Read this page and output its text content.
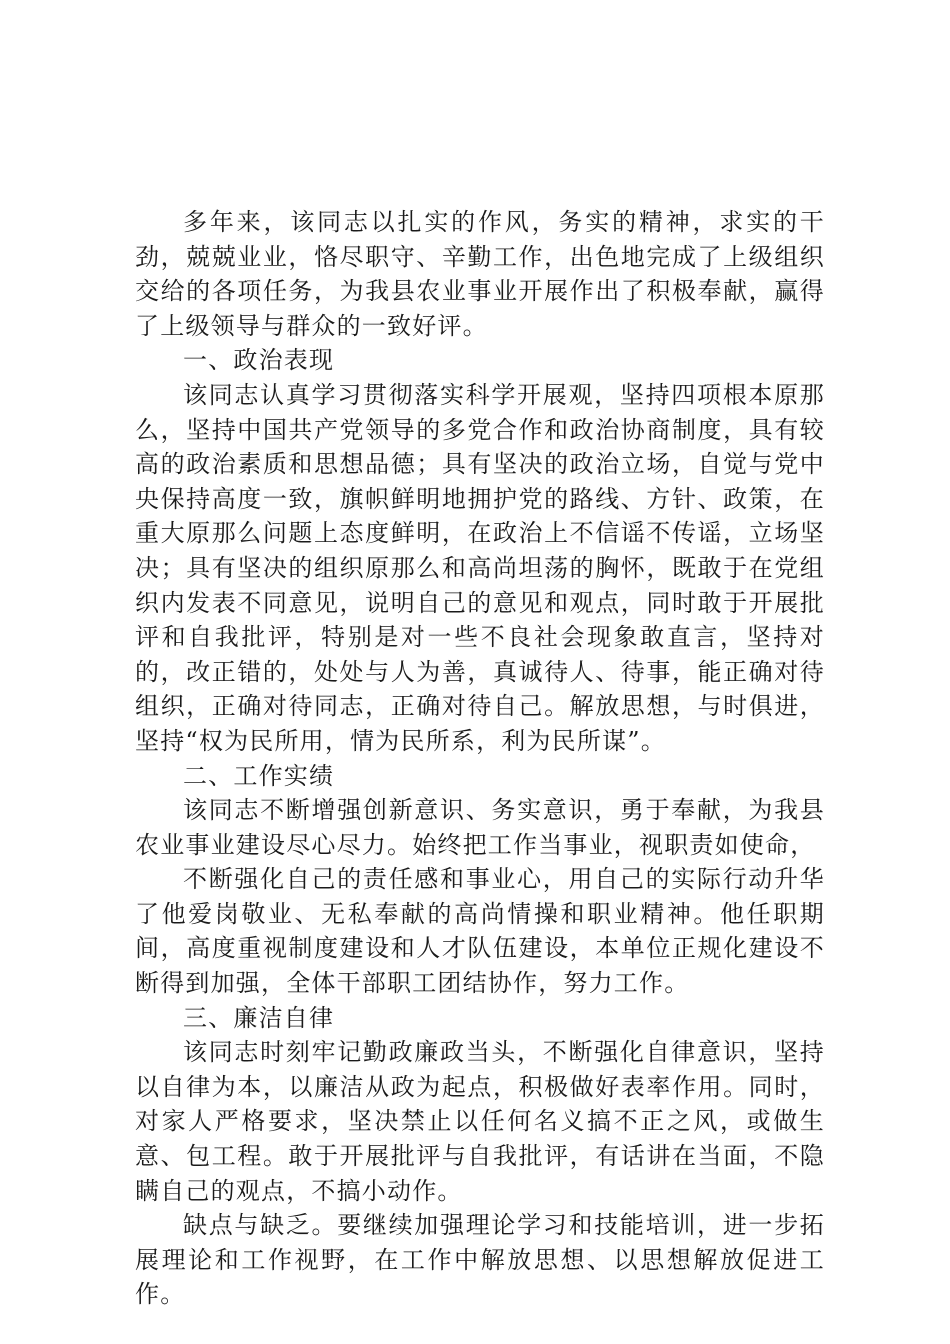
多年来，该同志以扎实的作风，务实的精神，求实的干劲，兢兢业业，恪尽职守、辛勤工作，出色地完成了上级组织交给的各项任务，为我县农业事业开展作出了积极奉献，赢得了上级领导与群众的一致好评。

一、政治表现

该同志认真学习贯彻落实科学开展观，坚持四项根本原那么，坚持中国共产党领导的多党合作和政治协商制度，具有较高的政治素质和思想品德；具有坚决的政治立场，自觉与党中央保持高度一致，旗帜鲜明地拥护党的路线、方针、政策，在重大原那么问题上态度鲜明，在政治上不信谣不传谣，立场坚决；具有坚决的组织原那么和高尚坦荡的胸怀，既敢于在党组织内发表不同意见，说明自己的意见和观点，同时敢于开展批评和自我批评，特别是对一些不良社会现象敢直言，坚持对的，改正错的，处处与人为善，真诚待人、待事，能正确对待组织，正确对待同志，正确对待自己。解放思想，与时俱进，坚持“权为民所用，情为民所系，利为民所谋”。

二、工作实绩

该同志不断增强创新意识、务实意识，勇于奉献，为我县农业事业建设尽心尽力。始终把工作当事业，视职责如使命，

不断强化自己的责任感和事业心，用自己的实际行动升华了他爱岗敬业、无私奉献的高尚情操和职业精神。他任职期间，高度重视制度建设和人才队伍建设，本单位正规化建设不断得到加强，全体干部职工团结协作，努力工作。

三、廉洁自律

该同志时刻牢记勤政廉政当头，不断强化自律意识，坚持以自律为本，以廉洁从政为起点，积极做好表率作用。同时，对家人严格要求，坚决禁止以任何名义搞不正之风，或做生意、包工程。敢于开展批评与自我批评，有话讲在当面，不隐瞒自己的观点，不搞小动作。

缺点与缺乏。要继续加强理论学习和技能培训，进一步拓展理论和工作视野，在工作中解放思想、以思想解放促进工作。
